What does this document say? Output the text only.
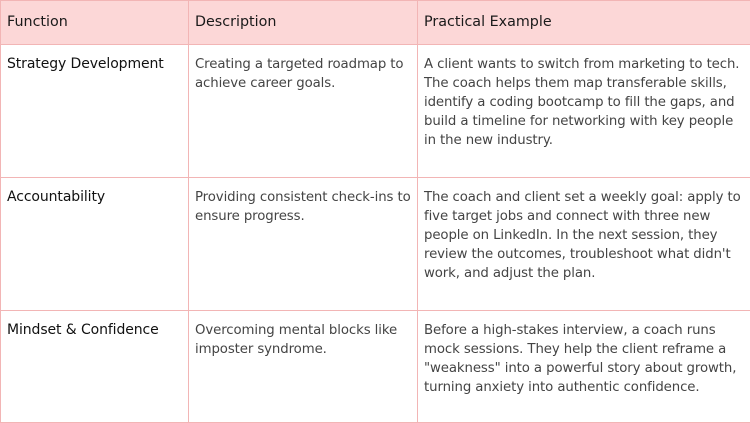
Function	Description	Practical Example
Strategy Development	Creating a targeted roadmap to achieve career goals.	A client wants to switch from marketing to tech. The coach helps them map transferable skills, identify a coding bootcamp to fill the gaps, and build a timeline for networking with key people in the new industry.
Accountability	Providing consistent check-ins to ensure progress.	The coach and client set a weekly goal: apply to five target jobs and connect with three new people on LinkedIn. In the next session, they review the outcomes, troubleshoot what didn't work, and adjust the plan.
Mindset & Confidence	Overcoming mental blocks like imposter syndrome.	Before a high-stakes interview, a coach runs mock sessions. They help the client reframe a "weakness" into a powerful story about growth, turning anxiety into authentic confidence.
